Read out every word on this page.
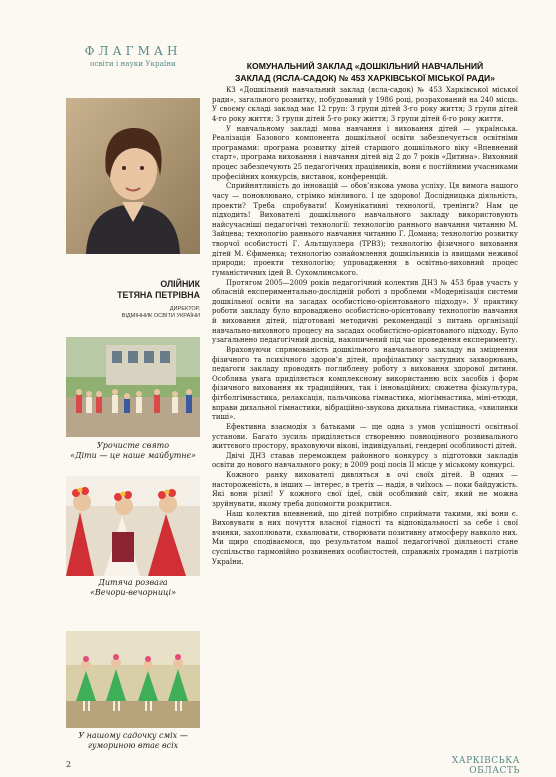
ФЛАГМАН
освіти і науки України
ОЛІЙНИК
ТЕТЯНА ПЕТРІВНА
ДИРЕКТОР,
ВІДМІННИК ОСВІТИ УКРАЇНИ
Урочисте свято
«Діти — це наше майбутнє»
Дитяча розвага
«Вечори-вечорниці»
У нашому садочку сміх —
гумориною втає всіх
2
КОМУНАЛЬНИЙ ЗАКЛАД «ДОШКІЛЬНИЙ НАВЧАЛЬНИЙ
ЗАКЛАД (ЯСЛА-САДОК) № 453 ХАРКІВСЬКОЇ МІСЬКОЇ РАДИ»

КЗ «Дошкільний навчальний заклад (ясла-садок) № 453 Харківської міської ради», загального розвитку, побудований у 1986 році, розрахований на 240 місць. У своєму складі заклад має 12 груп: 3 групи дітей 3-го року життя; 3 групи дітей 4-го року життя; 3 групи дітей 5-го року життя; 3 групи дітей 6-го року життя.

У навчальному закладі мова навчання і виховання дітей — українська. Реалізація Базового компонента дошкільної освіти забезпечується освітніми програмами: програма розвитку дітей старшого дошкільного віку «Впевнений старт», програма виховання і навчання дітей від 2 до 7 років «Дитина». Виховний процес забезпечують 25 педагогічних працівників, вони є постійними учасниками професійних конкурсів, виставок, конференцій.

Сприйнятливість до інновацій — обов’язкова умова успіху. Ця вимога нашого часу — поновлювано, стрімко мінливого. І це здорово! Дослідницька діяльність, проекти? Треба спробувати! Комунікативні технології, тренінги? Нам це підходить! Вихователі дошкільного навчального закладу використовують найсучасніші педагогічні технології: технологію раннього навчання читанню М. Зайцева; технологію раннього навчання читанню Г. Домана; технологію розвитку творчої особистості Г. Альтшуллера (ТРВЗ); технологію фізичного виховання дітей М. Єфименка; технологію ознайомлення дошкільників із явищами неживої природи; проекти технологію; упровадження в освітньо-виховний процес гуманістичних ідей В. Сухомлинського.

Протягом 2005—2009 років педагогічний колектив ДНЗ № 453 брав участь у обласній експериментально-дослідній роботі з проблеми «Модернізація системи дошкільної освіти на засадах особистісно-орієнтованого підходу». У практику роботи закладу було впроваджено особистісно-орієнтовану технологію навчання й виховання дітей, підготовані методичні рекомендації з питань організації навчально-виховного процесу на засадах особистісно-орієнтованого підходу. Було узагальнено педагогічний досвід, накопичений під час проведення експерименту.

Враховуючи спрямованість дошкільного навчального закладу на зміцнення фізичного та психічного здоров’я дітей, профілактику застудних захворювань, педагоги закладу проводять поглиблену роботу з виховання здорової дитини. Особлива увага приділяється комплексному використанню всіх засобів і форм фізичного виховання як традиційних, так і інноваційних: сюжетна фізкультура, фітболгімнастика, релаксація, пальчикова гімнастика, міогімнастика, міні-етюди, вправи дихальної гімнастики, вібраційно-звукова дихальна гімнастика, «хвилинки тиші».

Ефективна взаємодія з батьками — ще одна з умов успішності освітньої установи. Багато зусиль приділяється створенню повноцінного розвивального життєвого простору, враховуючи вікові, індивідуальні, гендерні особливості дітей.

Двічі ДНЗ ставав переможцем районного конкурсу з підготовки закладів освіти до нового навчального року; в 2009 році посів II місце у міському конкурсі.

Кожного ранку вихователі дивляться в очі своїх дітей. В одних — настороженість, в інших — інтерес, в третіх — надія, в чиїхось — поки байдужість. Які вони різні! У кожного свої ідеї, свій особливий світ, який не можна зруйнувати, якому треба допомогти розкритися.

Наш колектив впевнений, що дітей потрібно сприймати такими, які вони є. Виховувати в них почуття власної гідності та відповідальності за себе і свої вчинки, захоплювати, схвалювати, створювати позитивну атмосферу навколо них. Ми щиро сподіваємося, що результатом нашої педагогічної діяльності стане суспільство гармонійно розвинених особистостей, справжніх громадян і патріотів України.

ХАРКІВСЬКА ОБЛАСТЬ
